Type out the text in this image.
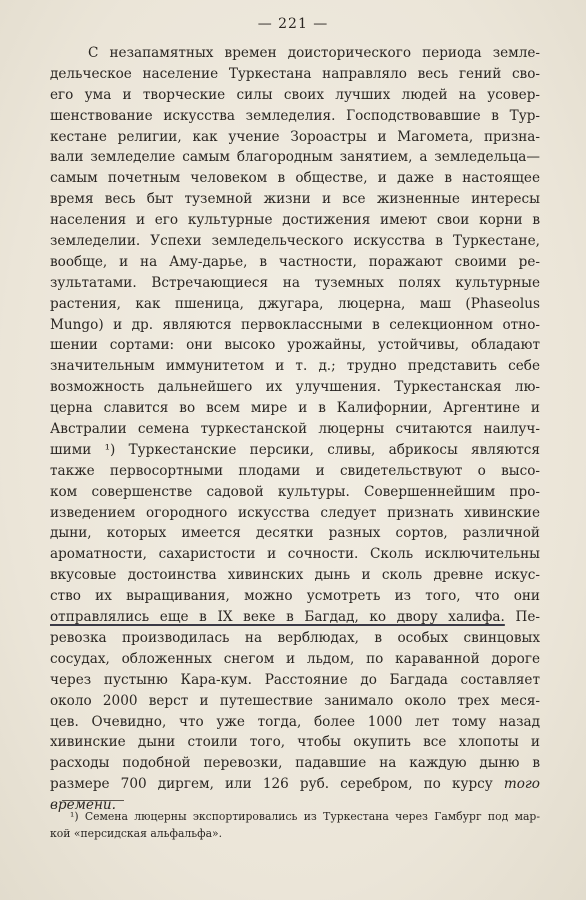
— 221 —
С незапамятных времен доисторического периода земле-
дельческое население Туркестана направляло весь гений сво-
его ума и творческие силы своих лучших людей на усовер-
шенствование искусства земледелия. Господствовавшие в Тур-
кестане религии, как учение Зороастры и Магомета, призна-
вали земледелие самым благородным занятием, а земледельца—
самым почетным человеком в обществе, и даже в настоящее
время весь быт туземной жизни и все жизненные интересы
населения и его культурные достижения имеют свои корни в
земледелии. Успехи земледельческого искусства в Туркестане,
вообще, и на Аму-дарье, в частности, поражают своими ре-
зультатами. Встречающиеся на туземных полях культурные
растения, как пшеница, джугара, люцерна, маш (Phaseolus
Mungo) и др. являются первоклассными в селекционном отно-
шении сортами: они высоко урожайны, устойчивы, обладают
значительным иммунитетом и т. д.; трудно представить себе
возможность дальнейшего их улучшения. Туркестанская лю-
церна славится во всем мире и в Калифорнии, Аргентине и
Австралии семена туркестанской люцерны считаются наилуч-
шими ¹) Туркестанские персики, сливы, абрикосы являются
также первосортными плодами и свидетельствуют о высо-
ком совершенстве садовой культуры. Совершеннейшим про-
изведением огородного искусства следует признать хивинские
дыни, которых имеется десятки разных сортов, различной
ароматности, сахаристости и сочности. Сколь исключительны
вкусовые достоинства хивинских дынь и сколь древне искус-
ство их выращивания, можно усмотреть из того, что они
отправлялись еще в IX веке в Багдад, ко двору халифа. Пе-
ревозка производилась на верблюдах, в особых свинцовых
сосудах, обложенных снегом и льдом, по караванной дороге
через пустыню Кара-кум. Расстояние до Багдада составляет
около 2000 верст и путешествие занимало около трех меся-
цев. Очевидно, что уже тогда, более 1000 лет тому назад
хивинские дыни стоили того, чтобы окупить все хлопоты и
расходы подобной перевозки, падавшие на каждую дыню в
размере 700 диргем, или 126 руб. серебром, по курсу того
времени.
¹) Семена люцерны экспортировались из Туркестана через Гамбург под мар-
кой «персидская альфальфа».
